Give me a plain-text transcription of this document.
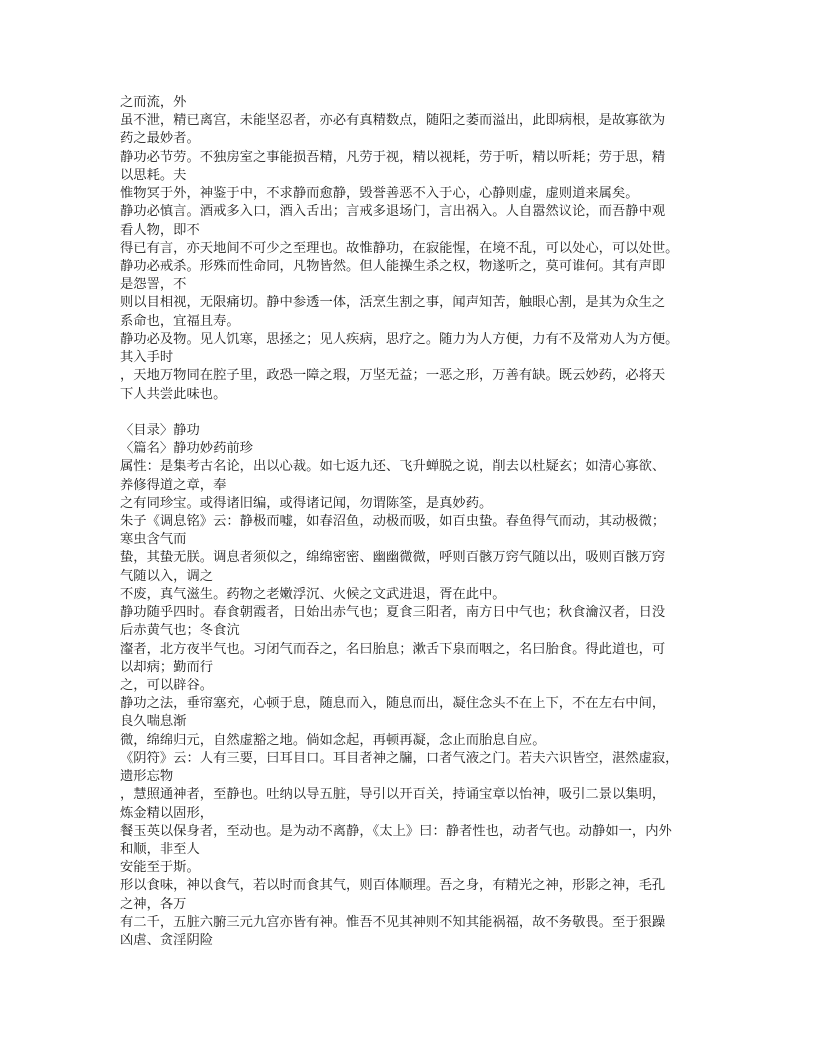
之而流，外
虽不泄，精已离宫，未能坚忍者，亦必有真精数点，随阳之萎而溢出，此即病根，是故寡欲为
药之最妙者。
静功必节劳。不独房室之事能损吾精，凡劳于视，精以视耗，劳于听，精以听耗；劳于思，精
以思耗。夫
惟物冥于外，神鉴于中，不求静而愈静，毁誉善恶不入于心，心静则虚，虚则道来属矣。
静功必慎言。酒戒多入口，酒入舌出；言戒多退场门，言出祸入。人自嚣然议论，而吾静中观
看人物，即不
得已有言，亦天地间不可少之至理也。故惟静功，在寂能惺，在境不乱，可以处心，可以处世。
静功必戒杀。形殊而性命同，凡物皆然。但人能操生杀之权，物遂听之，莫可谁何。其有声即
是怨詈，不
则以目相视，无限痛切。静中参透一体，活烹生割之事，闻声知苦，触眼心割，是其为众生之
系命也，宜福且寿。
静功必及物。见人饥寒，思拯之；见人疾病，思疗之。随力为人方便，力有不及常劝人为方便。
其入手时
，天地万物同在腔子里，政恐一障之瑕，万坚无益；一恶之形，万善有缺。既云妙药，必将天
下人共尝此味也。
〈目录〉静功
〈篇名〉静功妙药前珍
属性：是集考古名论，出以心裁。如七返九还、飞升蝉脱之说，削去以杜疑玄；如清心寡欲、
养修得道之章，奉
之有同珍宝。或得诸旧编，或得诸记闻，勿谓陈筌，是真妙药。
朱子《调息铭》云：静极而嘘，如春沼鱼，动极而吸，如百虫蛰。春鱼得气而动，其动极微；
寒虫含气而
蛰，其蛰无朕。调息者须似之，绵绵密密、幽幽微微，呼则百骸万窍气随以出，吸则百骸万窍
气随以入，调之
不废，真气滋生。药物之老嫩浮沉、火候之文武进退，胥在此中。
静功随乎四时。春食朝霞者，日始出赤气也；夏食三阳者，南方日中气也；秋食瀹汉者，日没
后赤黄气也；冬食沆
瀣者，北方夜半气也。习闭气而吞之，名曰胎息；漱舌下泉而咽之，名曰胎食。得此道也，可
以却病；勤而行
之，可以辟谷。
静功之法，垂帘塞充，心顿于息，随息而入，随息而出，凝住念头不在上下，不在左右中间，
良久喘息渐
微，绵绵归元，自然虚豁之地。倘如念起，再顿再凝，念止而胎息自应。
《阴符》云：人有三要，曰耳目口。耳目者神之牖，口者气液之门。若夫六识皆空，湛然虚寂，
遗形忘物
，慧照通神者，至静也。吐纳以导五脏，导引以开百关，持诵宝章以怡神，吸引二景以集明，
炼金精以固形，
餐玉英以保身者，至动也。是为动不离静，《太上》曰：静者性也，动者气也。动静如一，内外
和顺，非至人
安能至于斯。
形以食味，神以食气，若以时而食其气，则百体顺理。吾之身，有精光之神，形影之神，毛孔
之神，各万
有二千，五脏六腑三元九宫亦皆有神。惟吾不见其神则不知其能祸福，故不务敬畏。至于狠躁
凶虐、贪淫阴险
